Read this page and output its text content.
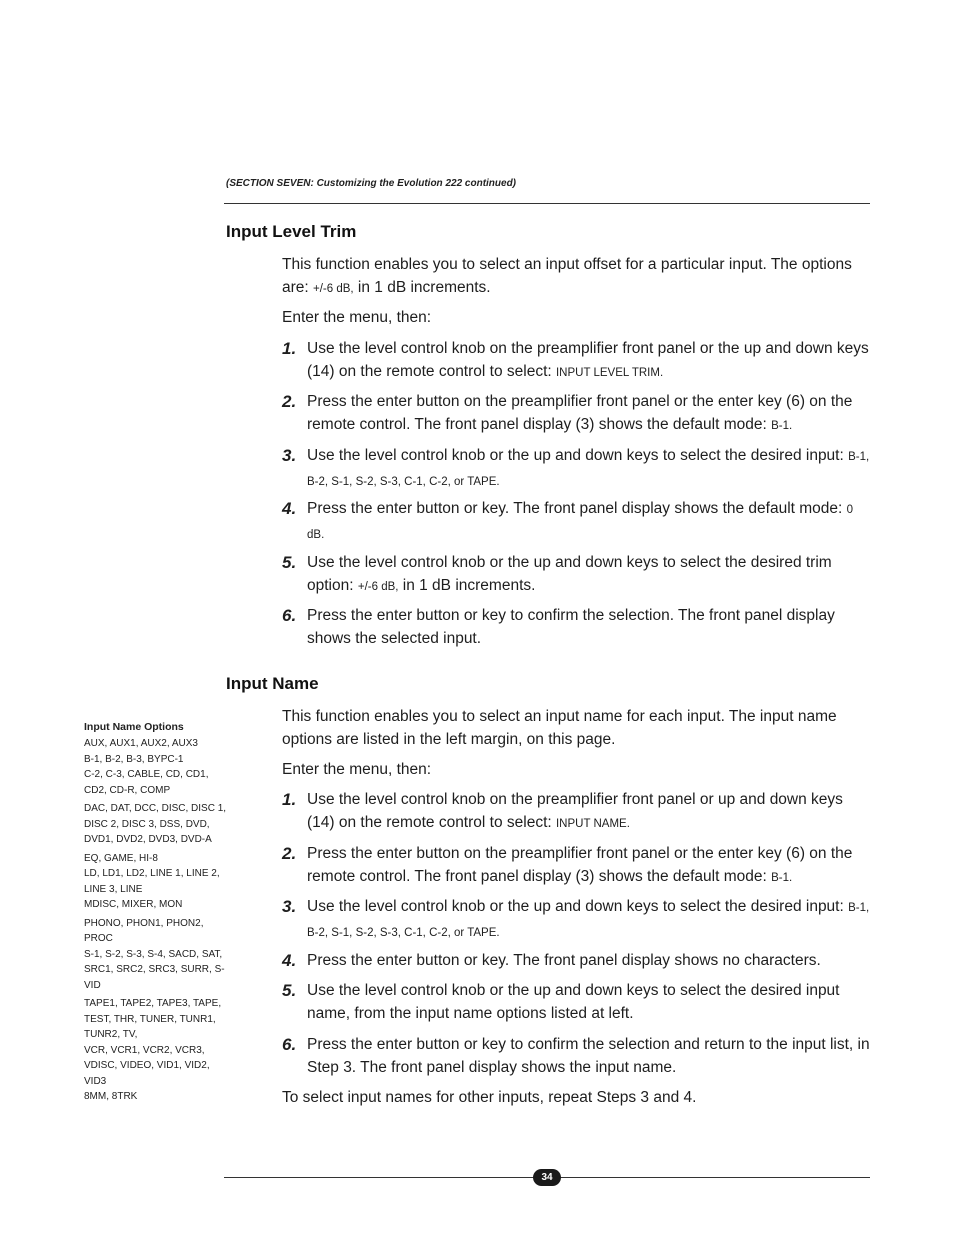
(SECTION SEVEN: Customizing the Evolution 222 continued)
Input Level Trim
This function enables you to select an input offset for a particular input. The options are: +/-6 dB, in 1 dB increments.
Enter the menu, then:
1. Use the level control knob on the preamplifier front panel or the up and down keys (14) on the remote control to select: INPUT LEVEL TRIM.
2. Press the enter button on the preamplifier front panel or the enter key (6) on the remote control. The front panel display (3) shows the default mode: B-1.
3. Use the level control knob or the up and down keys to select the desired input: B-1, B-2, S-1, S-2, S-3, C-1, C-2, or TAPE.
4. Press the enter button or key. The front panel display shows the default mode: 0 dB.
5. Use the level control knob or the up and down keys to select the desired trim option: +/-6 dB, in 1 dB increments.
6. Press the enter button or key to confirm the selection. The front panel display shows the selected input.
Input Name
This function enables you to select an input name for each input. The input name options are listed in the left margin, on this page.
Enter the menu, then:
1. Use the level control knob on the preamplifier front panel or up and down keys (14) on the remote control to select: INPUT NAME.
2. Press the enter button on the preamplifier front panel or the enter key (6) on the remote control. The front panel display (3) shows the default mode: B-1.
3. Use the level control knob or the up and down keys to select the desired input: B-1, B-2, S-1, S-2, S-3, C-1, C-2, or TAPE.
4. Press the enter button or key. The front panel display shows no characters.
5. Use the level control knob or the up and down keys to select the desired input name, from the input name options listed at left.
6. Press the enter button or key to confirm the selection and return to the input list, in Step 3. The front panel display shows the input name.
To select input names for other inputs, repeat Steps 3 and 4.
Input Name Options
AUX, AUX1, AUX2, AUX3
B-1, B-2, B-3, BYPC-1
C-2, C-3, CABLE, CD, CD1, CD2, CD-R, COMP
DAC, DAT, DCC, DISC, DISC 1, DISC 2, DISC 3, DSS, DVD, DVD1, DVD2, DVD3, DVD-A
EQ, GAME, HI-8
LD, LD1, LD2, LINE 1, LINE 2, LINE 3, LINE
MDISC, MIXER, MON
PHONO, PHON1, PHON2, PROC
S-1, S-2, S-3, S-4, SACD, SAT, SRC1, SRC2, SRC3, SURR, S-VID
TAPE1, TAPE2, TAPE3, TAPE, TEST, THR, TUNER, TUNR1, TUNR2, TV,
VCR, VCR1, VCR2, VCR3, VDISC, VIDEO, VID1, VID2, VID3
8MM, 8TRK
34
